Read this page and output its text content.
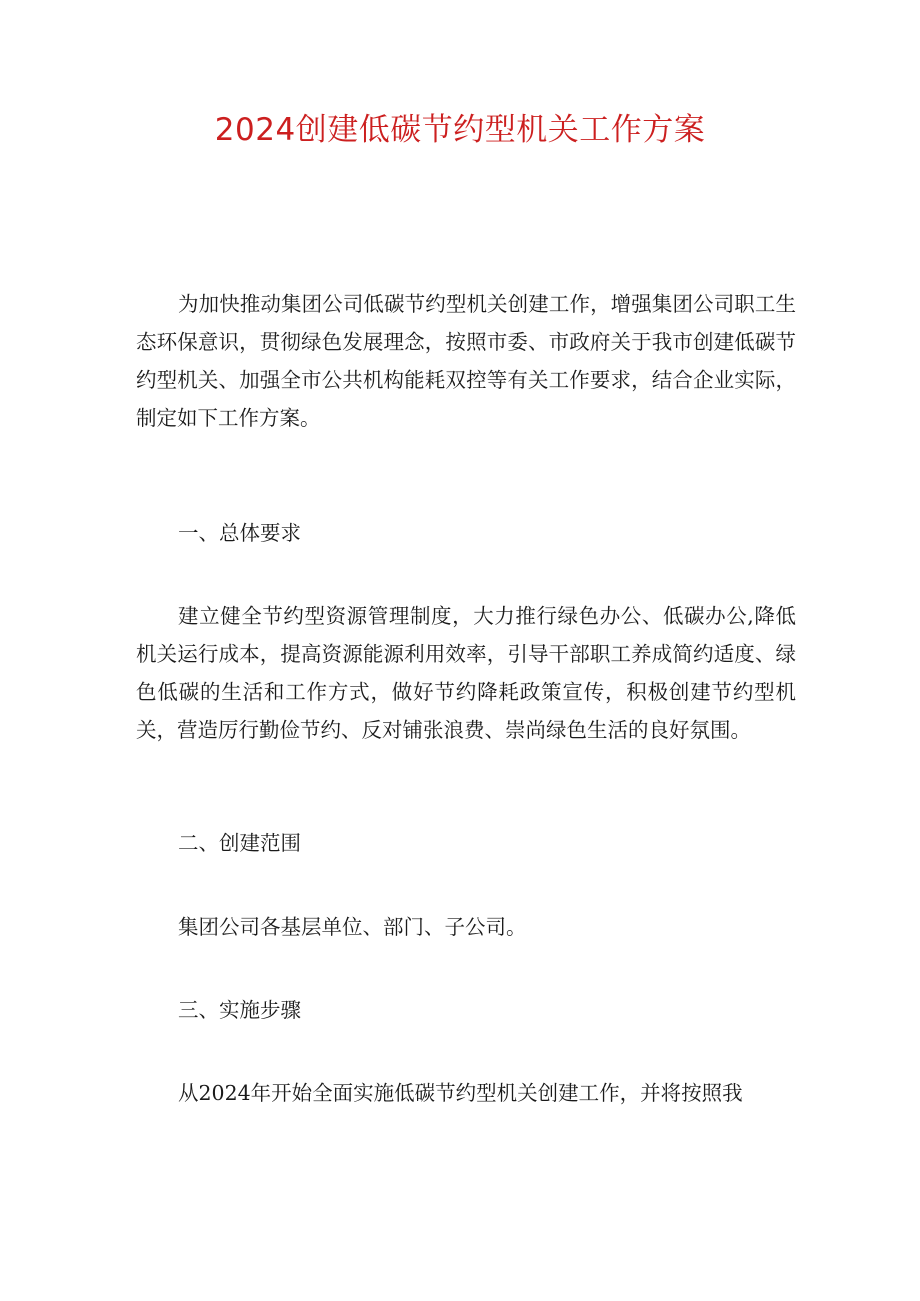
2024创建低碳节约型机关工作方案

为加快推动集团公司低碳节约型机关创建工作，增强集团公司职工生态环保意识，贯彻绿色发展理念，按照市委、市政府关于我市创建低碳节约型机关、加强全市公共机构能耗双控等有关工作要求，结合企业实际，制定如下工作方案。

一、总体要求

建立健全节约型资源管理制度，大力推行绿色办公、低碳办公,降低机关运行成本，提高资源能源利用效率，引导干部职工养成简约适度、绿色低碳的生活和工作方式，做好节约降耗政策宣传，积极创建节约型机关，营造厉行勤俭节约、反对铺张浪费、崇尚绿色生活的良好氛围。

二、创建范围

集团公司各基层单位、部门、子公司。

三、实施步骤

从2024年开始全面实施低碳节约型机关创建工作，并将按照我
